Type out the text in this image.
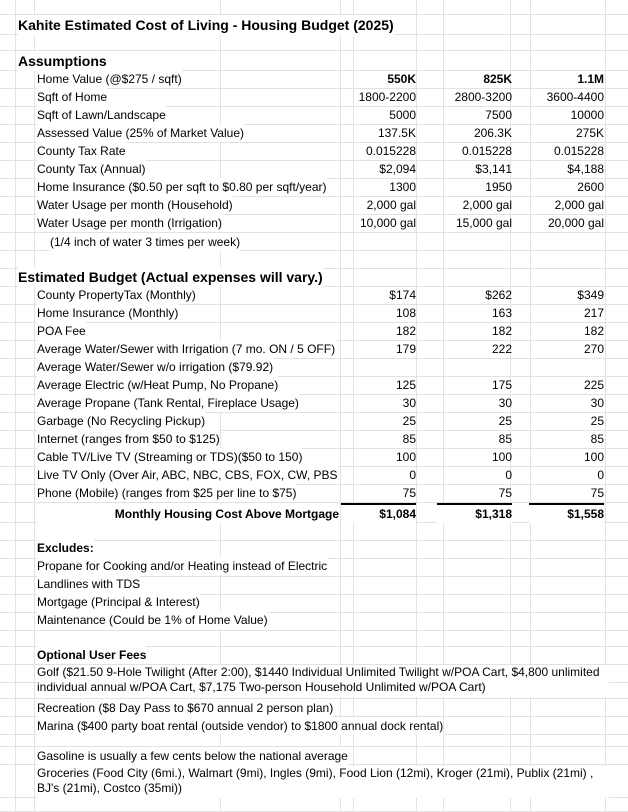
Kahite Estimated Cost of Living - Housing Budget (2025)
Assumptions
Home Value (@$275 / sqft)	550K	825K	1.1M
Sqft of Home	1800-2200	2800-3200	3600-4400
Sqft of Lawn/Landscape	5000	7500	10000
Assessed Value (25% of Market Value)	137.5K	206.3K	275K
County Tax Rate	0.015228	0.015228	0.015228
County Tax (Annual)	$2,094	$3,141	$4,188
Home Insurance ($0.50 per sqft to $0.80 per sqft/year)	1300	1950	2600
Water Usage per month (Household)	2,000 gal	2,000 gal	2,000 gal
Water Usage per month (Irrigation)	10,000 gal	15,000 gal	20,000 gal
(1/4 inch of water 3 times per week)
Estimated Budget (Actual expenses will vary.)
County PropertyTax (Monthly)	$174	$262	$349
Home Insurance (Monthly)	108	163	217
POA Fee	182	182	182
Average Water/Sewer with Irrigation (7 mo. ON / 5 OFF)	179	222	270
Average Water/Sewer w/o irrigation ($79.92)
Average Electric (w/Heat Pump, No Propane)	125	175	225
Average Propane (Tank Rental, Fireplace Usage)	30	30	30
Garbage (No Recycling Pickup)	25	25	25
Internet (ranges from $50 to $125)	85	85	85
Cable TV/Live TV (Streaming or TDS)($50 to 150)	100	100	100
Live TV Only (Over Air, ABC, NBC, CBS, FOX, CW, PBS	0	0	0
Phone (Mobile) (ranges from $25 per line to $75)	75	75	75
Monthly Housing Cost Above Mortgage	$1,084	$1,318	$1,558
Excludes:
Propane for Cooking and/or Heating instead of Electric
Landlines with TDS
Mortgage (Principal & Interest)
Maintenance (Could be 1% of Home Value)
Optional User Fees
Golf ($21.50 9-Hole Twilight (After 2:00), $1440 Individual Unlimited Twilight w/POA Cart, $4,800 unlimited individual annual w/POA Cart, $7,175 Two-person Household Unlimited w/POA Cart)
Recreation ($8 Day Pass to $670 annual 2 person plan)
Marina ($400 party boat rental (outside vendor) to $1800 annual dock rental)
Gasoline is usually a few cents below the national average
Groceries (Food City (6mi.), Walmart (9mi), Ingles (9mi), Food Lion (12mi), Kroger (21mi), Publix (21mi) , BJ's (21mi), Costco (35mi))
